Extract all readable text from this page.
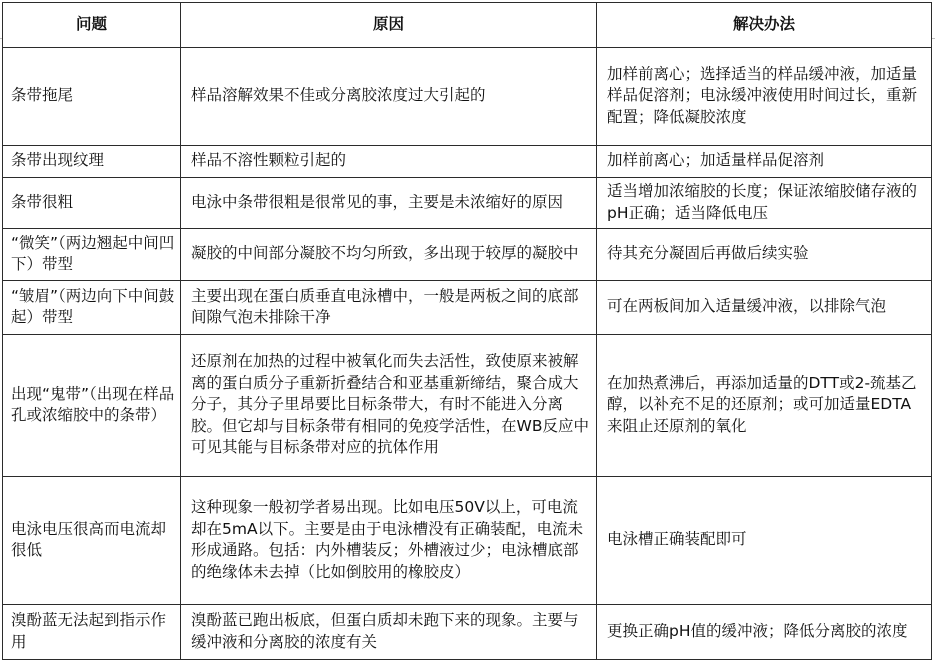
问题	原因	解决办法
条带拖尾	样品溶解效果不佳或分离胶浓度过大引起的	加样前离心；选择适当的样品缓冲液，加适量样品促溶剂；电泳缓冲液使用时间过长，重新配置；降低凝胶浓度
条带出现纹理	样品不溶性颗粒引起的	加样前离心；加适量样品促溶剂
条带很粗	电泳中条带很粗是很常见的事，主要是未浓缩好的原因	适当增加浓缩胶的长度；保证浓缩胶储存液的pH正确；适当降低电压
“微笑”（两边翘起中间凹下）带型	凝胶的中间部分凝胶不均匀所致，多出现于较厚的凝胶中	待其充分凝固后再做后续实验
“皱眉”（两边向下中间鼓起）带型	主要出现在蛋白质垂直电泳槽中，一般是两板之间的底部间隙气泡未排除干净	可在两板间加入适量缓冲液，以排除气泡
出现“鬼带”（出现在样品孔或浓缩胶中的条带）	还原剂在加热的过程中被氧化而失去活性，致使原来被解离的蛋白质分子重新折叠结合和亚基重新缔结，聚合成大分子，其分子里昂要比目标条带大，有时不能进入分离胶。但它却与目标条带有相同的免疫学活性，在WB反应中可见其能与目标条带对应的抗体作用	在加热煮沸后，再添加适量的DTT或2-巯基乙醇，以补充不足的还原剂；或可加适量EDTA来阻止还原剂的氧化
电泳电压很高而电流却很低	这种现象一般初学者易出现。比如电压50V以上，可电流却在5mA以下。主要是由于电泳槽没有正确装配，电流未形成通路。包括：内外槽装反；外槽液过少；电泳槽底部的绝缘体未去掉（比如倒胶用的橡胶皮）	电泳槽正确装配即可
溴酚蓝无法起到指示作用	溴酚蓝已跑出板底，但蛋白质却未跑下来的现象。主要与缓冲液和分离胶的浓度有关	更换正确pH值的缓冲液；降低分离胶的浓度
